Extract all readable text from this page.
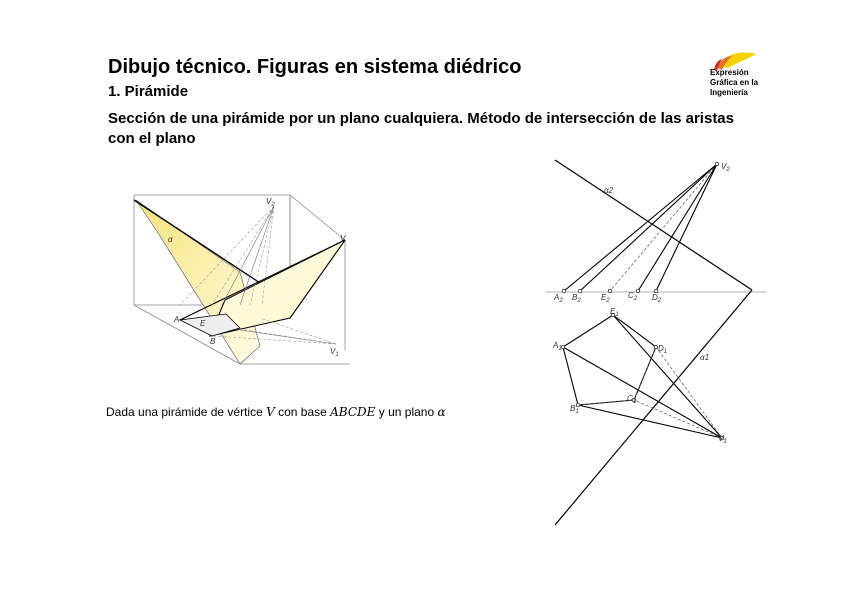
Dibujo técnico. Figuras en sistema diédrico
1. Pirámide
Sección de una pirámide por un plano cualquiera. Método de intersección de las aristas con el plano
Expresión
Gráfica en la
Ingeniería
α
$V_2$
V
A	E
B
$V_1$

Dada una pirámide de vértice V con base ABCDE y un plano α

α2
α1
$V_2$
$A_2$ $B_2$	$E_2$
$C_2$ $D_2$
$E_1$
$A_1$	$D_1$
$C_1$
$B_1$
$V_1$
